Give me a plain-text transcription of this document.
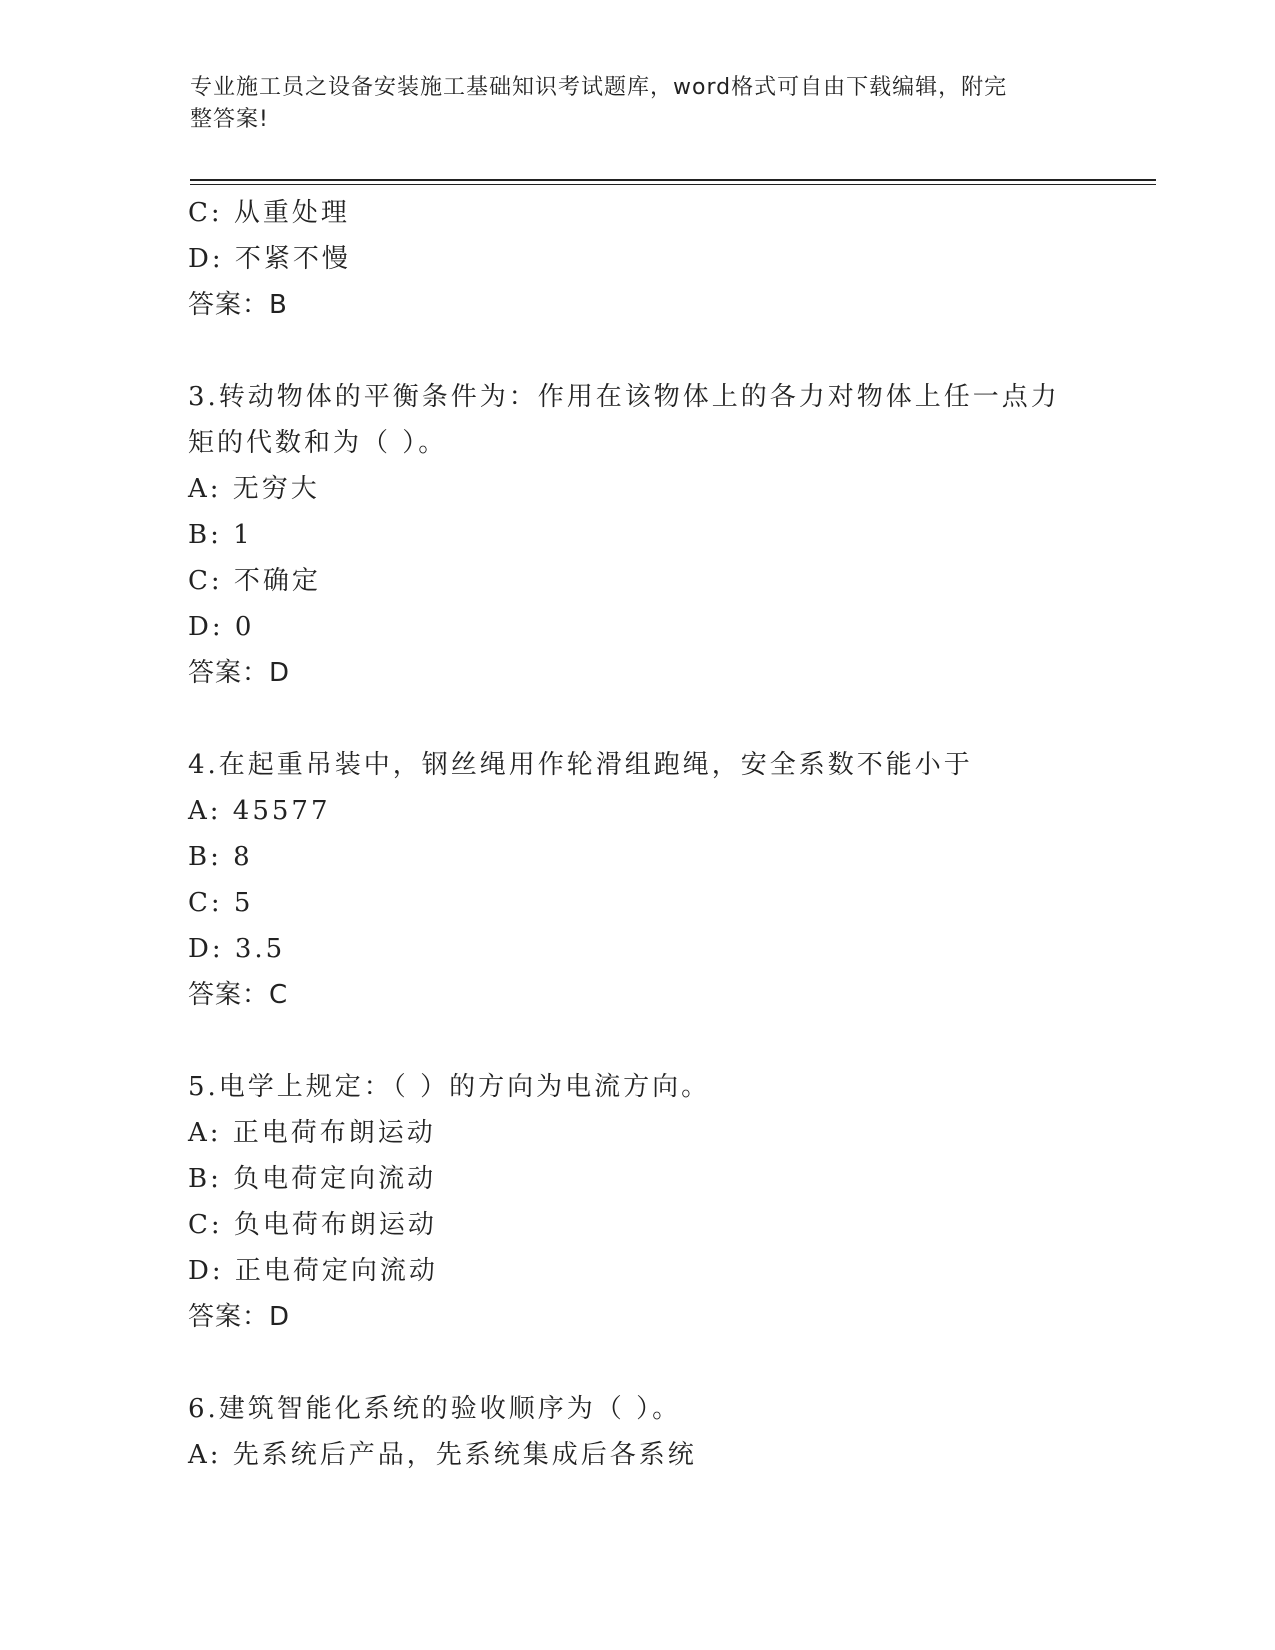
专业施工员之设备安装施工基础知识考试题库，word格式可自由下载编辑，附完
整答案!
C: 从重处理
D: 不紧不慢
答案：B
3.转动物体的平衡条件为：作用在该物体上的各力对物体上任一点力
矩的代数和为（ ）。
A: 无穷大
B: 1
C: 不确定
D: 0
答案：D
4.在起重吊装中，钢丝绳用作轮滑组跑绳，安全系数不能小于
A: 45577
B: 8
C: 5
D: 3.5
答案：C
5.电学上规定：（ ）的方向为电流方向。
A: 正电荷布朗运动
B: 负电荷定向流动
C: 负电荷布朗运动
D: 正电荷定向流动
答案：D
6.建筑智能化系统的验收顺序为（ ）。
A: 先系统后产品，先系统集成后各系统
